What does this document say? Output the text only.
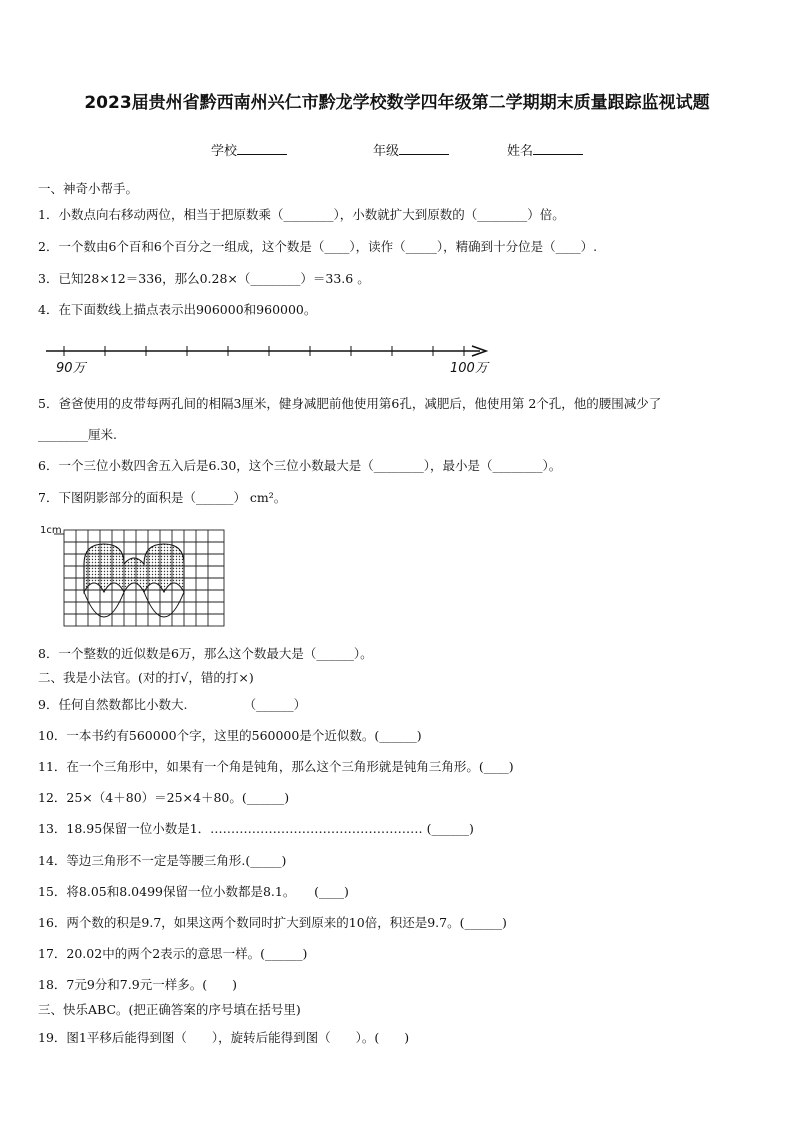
2023届贵州省黔西南州兴仁市黔龙学校数学四年级第二学期期末质量跟踪监视试题
学校	年级	姓名
一、神奇小帮手。
1．小数点向右移动两位，相当于把原数乘（________），小数就扩大到原数的（________）倍。
2．一个数由6个百和6个百分之一组成，这个数是（____），读作（_____），精确到十分位是（____）.
3．已知28×12＝336，那么0.28×（________）＝33.6 。
4．在下面数线上描点表示出906000和960000。
90万	100万
5．爸爸使用的皮带每两孔间的相隔3厘米，健身减肥前他使用第6孔，减肥后，他使用第 2个孔，他的腰围减少了
________厘米.
6．一个三位小数四舍五入后是6.30，这个三位小数最大是（________），最小是（________）。
7．下图阴影部分的面积是（______） cm²。
1cm
8．一个整数的近似数是6万，那么这个数最大是（______）。
二、我是小法官。(对的打√，错的打×)
9．任何自然数都比小数大.　　　　　（______）
10．一本书约有560000个字，这里的560000是个近似数。(______)
11．在一个三角形中，如果有一个角是钝角，那么这个三角形就是钝角三角形。(____)
12．25×（4＋80）＝25×4＋80。(______)
13．18.95保留一位小数是1．…………………………………………… (______)
14．等边三角形不一定是等腰三角形.(_____)
15．将8.05和8.0499保留一位小数都是8.1。　　(____)
16．两个数的积是9.7，如果这两个数同时扩大到原来的10倍，积还是9.7。(______)
17．20.02中的两个2表示的意思一样。(______)
18．7元9分和7.9元一样多。(　　)
三、快乐ABC。(把正确答案的序号填在括号里)
19．图1平移后能得到图（　　），旋转后能得到图（　　）。(　　)
